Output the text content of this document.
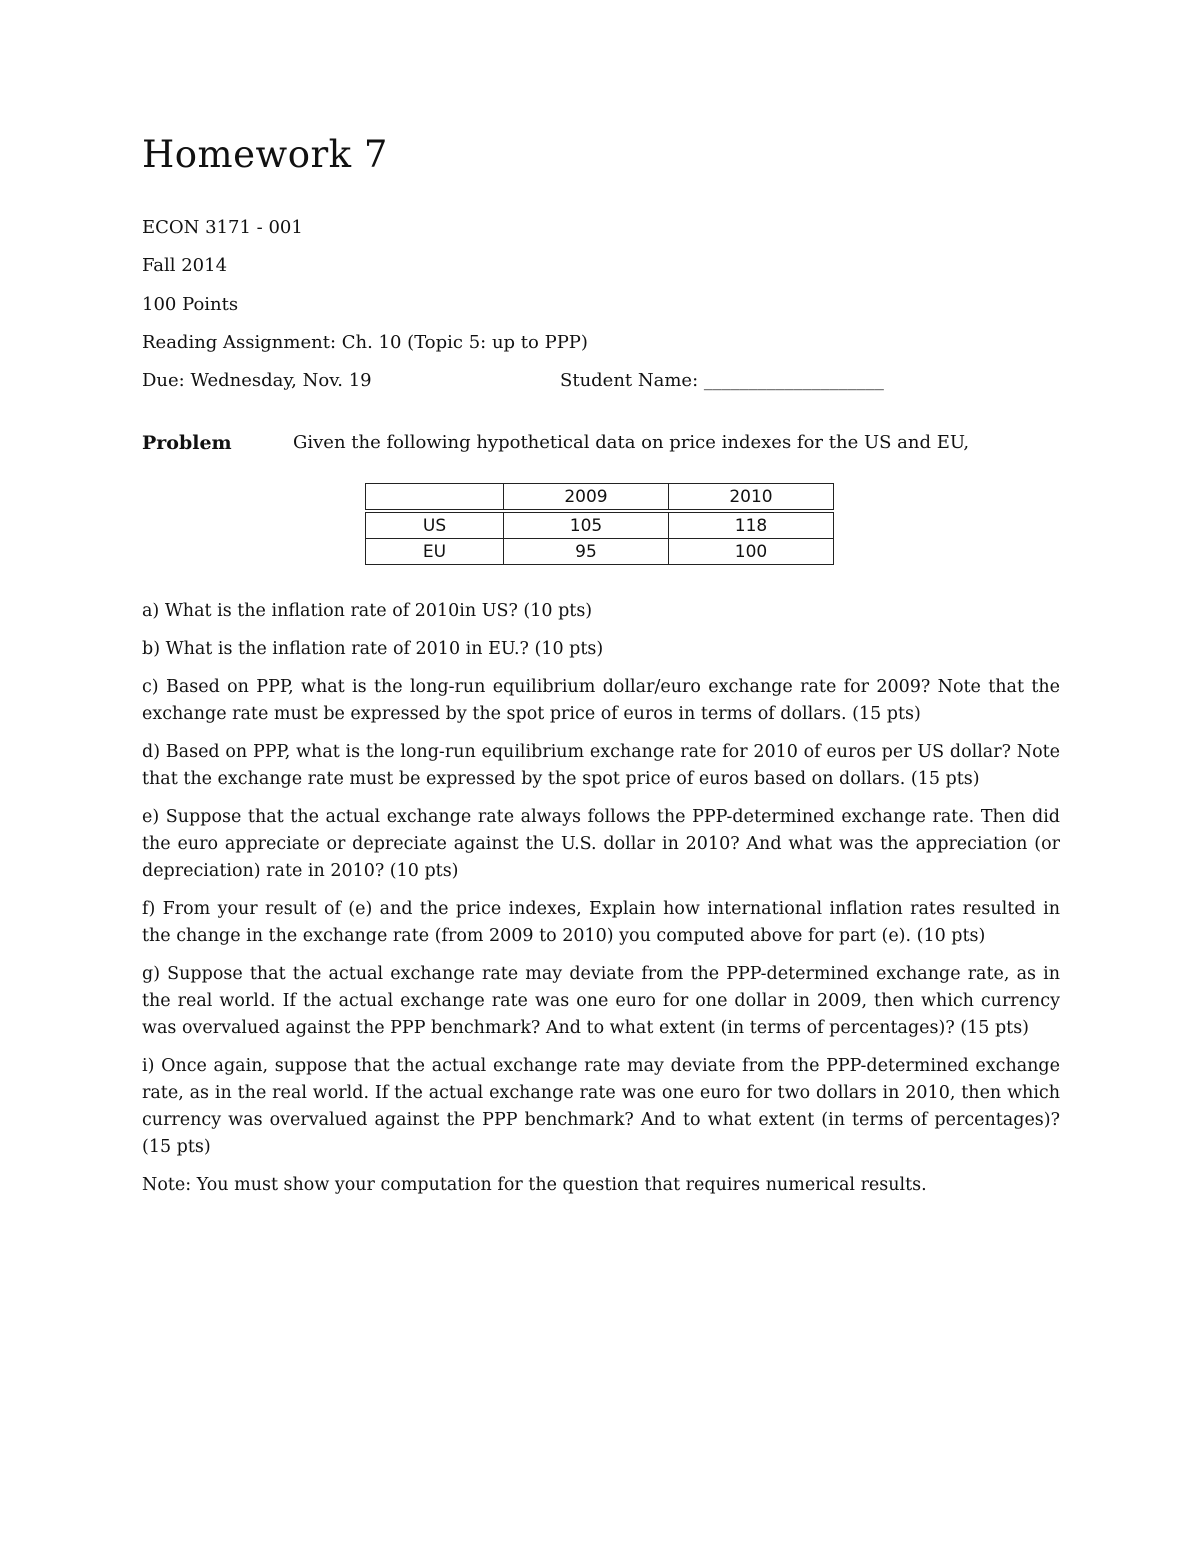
Homework 7
ECON 3171 - 001
Fall 2014
100 Points
Reading Assignment: Ch. 10 (Topic 5: up to PPP)
Due: Wednesday, Nov. 19	Student Name: ____________________
Problem	Given the following hypothetical data on price indexes for the US and EU,
	2009	2010
US	105	118
EU	95	100

a) What is the inflation rate of 2010in US? (10 pts)

b) What is the inflation rate of 2010 in EU.? (10 pts)

c) Based on PPP, what is the long-run equilibrium dollar/euro exchange rate for 2009? Note that the exchange rate must be expressed by the spot price of euros in terms of dollars. (15 pts)

d) Based on PPP, what is the long-run equilibrium exchange rate for 2010 of euros per US dollar? Note that the exchange rate must be expressed by the spot price of euros based on dollars. (15 pts)

e) Suppose that the actual exchange rate always follows the PPP-determined exchange rate. Then did the euro appreciate or depreciate against the U.S. dollar in 2010? And what was the appreciation (or depreciation) rate in 2010? (10 pts)

f) From your result of (e) and the price indexes, Explain how international inflation rates resulted in the change in the exchange rate (from 2009 to 2010) you computed above for part (e). (10 pts)

g) Suppose that the actual exchange rate may deviate from the PPP-determined exchange rate, as in the real world. If the actual exchange rate was one euro for one dollar in 2009, then which currency was overvalued against the PPP benchmark? And to what extent (in terms of percentages)? (15 pts)

i) Once again, suppose that the actual exchange rate may deviate from the PPP-determined exchange rate, as in the real world. If the actual exchange rate was one euro for two dollars in 2010, then which currency was overvalued against the PPP benchmark? And to what extent (in terms of percentages)? (15 pts)

Note: You must show your computation for the question that requires numerical results.
